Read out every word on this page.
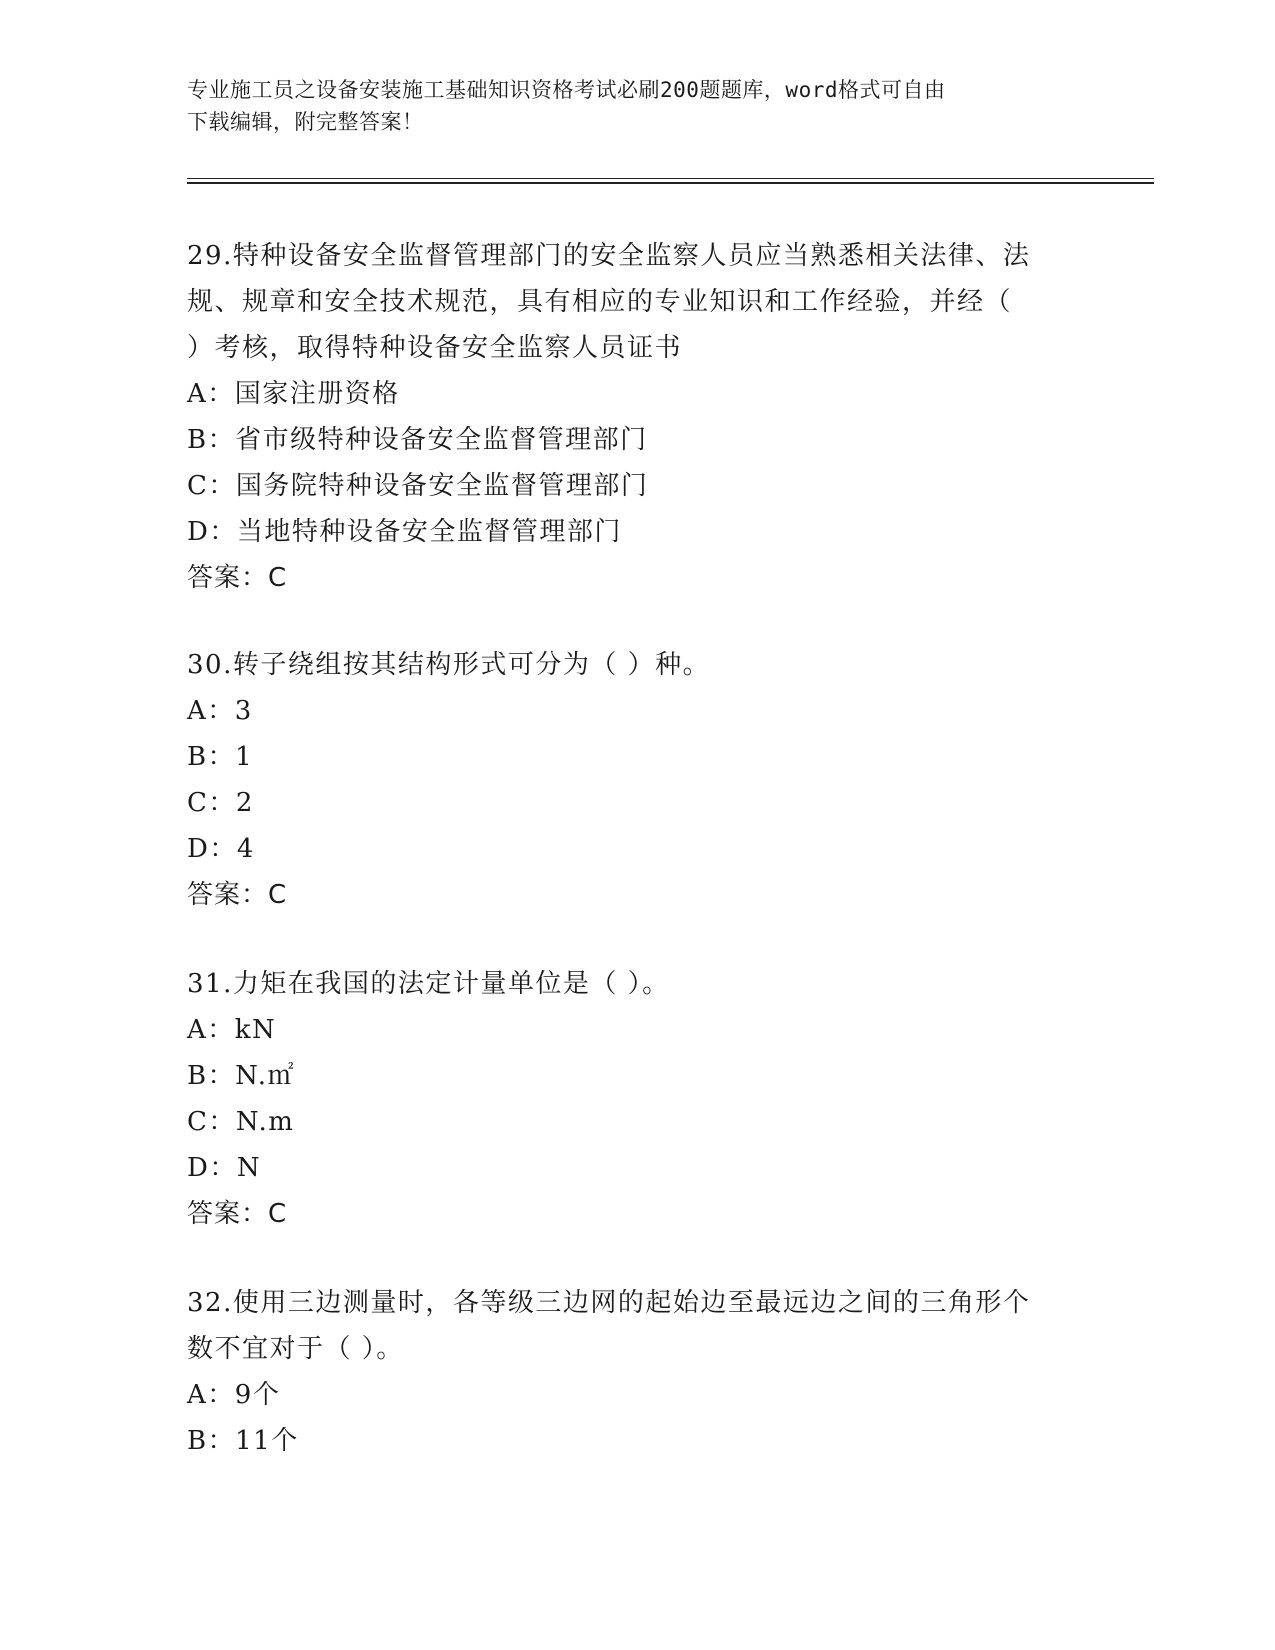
专业施工员之设备安装施工基础知识资格考试必刷200题题库，word格式可自由
下载编辑，附完整答案！
29.特种设备安全监督管理部门的安全监察人员应当熟悉相关法律、法
规、规章和安全技术规范，具有相应的专业知识和工作经验，并经（
）考核，取得特种设备安全监察人员证书
A：国家注册资格
B：省市级特种设备安全监督管理部门
C：国务院特种设备安全监督管理部门
D：当地特种设备安全监督管理部门
答案：C
30.转子绕组按其结构形式可分为（ ）种。
A：3
B：1
C：2
D：4
答案：C
31.力矩在我国的法定计量单位是（ ）。
A：kN
B：N.㎡
C：N.m
D：N
答案：C
32.使用三边测量时，各等级三边网的起始边至最远边之间的三角形个
数不宜对于（ ）。
A：9个
B：11个
